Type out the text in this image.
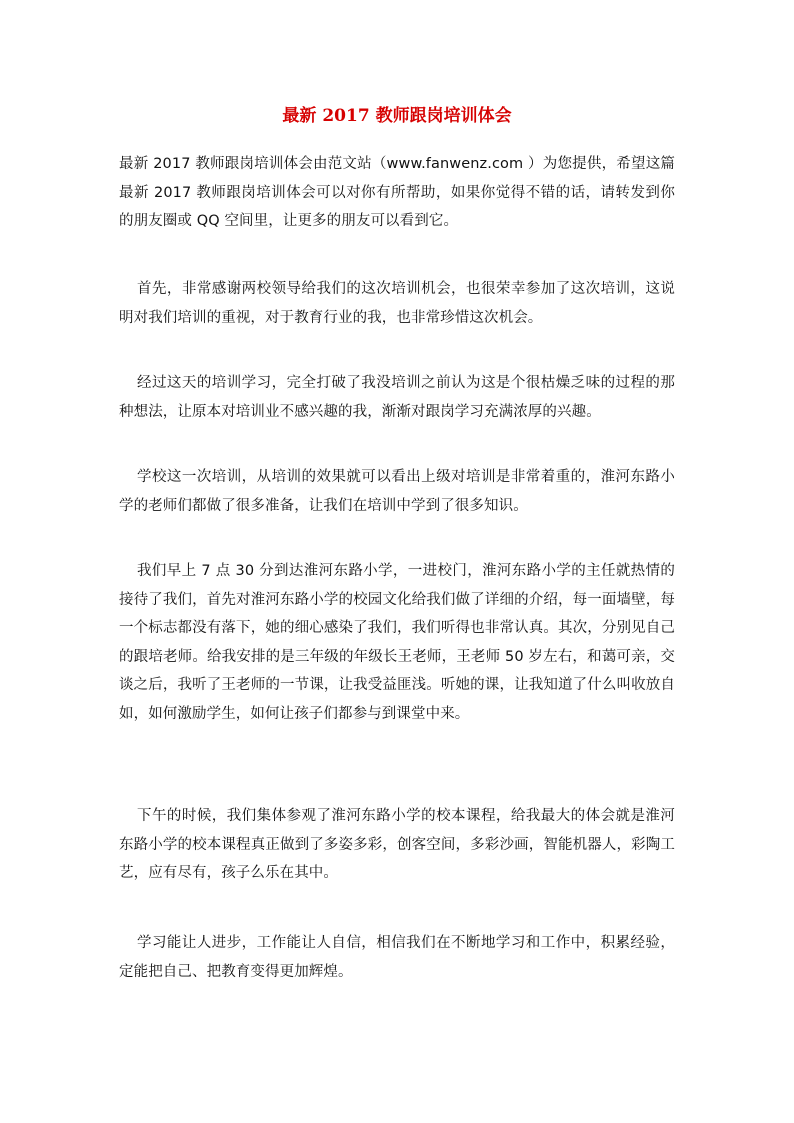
最新 2017 教师跟岗培训体会

最新 2017 教师跟岗培训体会由范文站（www.fanwenz.com ）为您提供，希望这篇最新 2017 教师跟岗培训体会可以对你有所帮助，如果你觉得不错的话，请转发到你的朋友圈或 QQ 空间里，让更多的朋友可以看到它。

首先，非常感谢两校领导给我们的这次培训机会，也很荣幸参加了这次培训，这说明对我们培训的重视，对于教育行业的我，也非常珍惜这次机会。

经过这天的培训学习，完全打破了我没培训之前认为这是个很枯燥乏味的过程的那种想法，让原本对培训业不感兴趣的我，渐渐对跟岗学习充满浓厚的兴趣。

学校这一次培训，从培训的效果就可以看出上级对培训是非常着重的，淮河东路小学的老师们都做了很多准备，让我们在培训中学到了很多知识。

我们早上 7 点 30 分到达淮河东路小学，一进校门，淮河东路小学的主任就热情的接待了我们，首先对淮河东路小学的校园文化给我们做了详细的介绍，每一面墙壁，每一个标志都没有落下，她的细心感染了我们，我们听得也非常认真。其次，分别见自己的跟培老师。给我安排的是三年级的年级长王老师，王老师 50 岁左右，和蔼可亲，交谈之后，我听了王老师的一节课，让我受益匪浅。听她的课，让我知道了什么叫收放自如，如何激励学生，如何让孩子们都参与到课堂中来。

下午的时候，我们集体参观了淮河东路小学的校本课程，给我最大的体会就是淮河东路小学的校本课程真正做到了多姿多彩，创客空间，多彩沙画，智能机器人，彩陶工艺，应有尽有，孩子么乐在其中。

学习能让人进步，工作能让人自信，相信我们在不断地学习和工作中，积累经验，定能把自己、把教育变得更加辉煌。
